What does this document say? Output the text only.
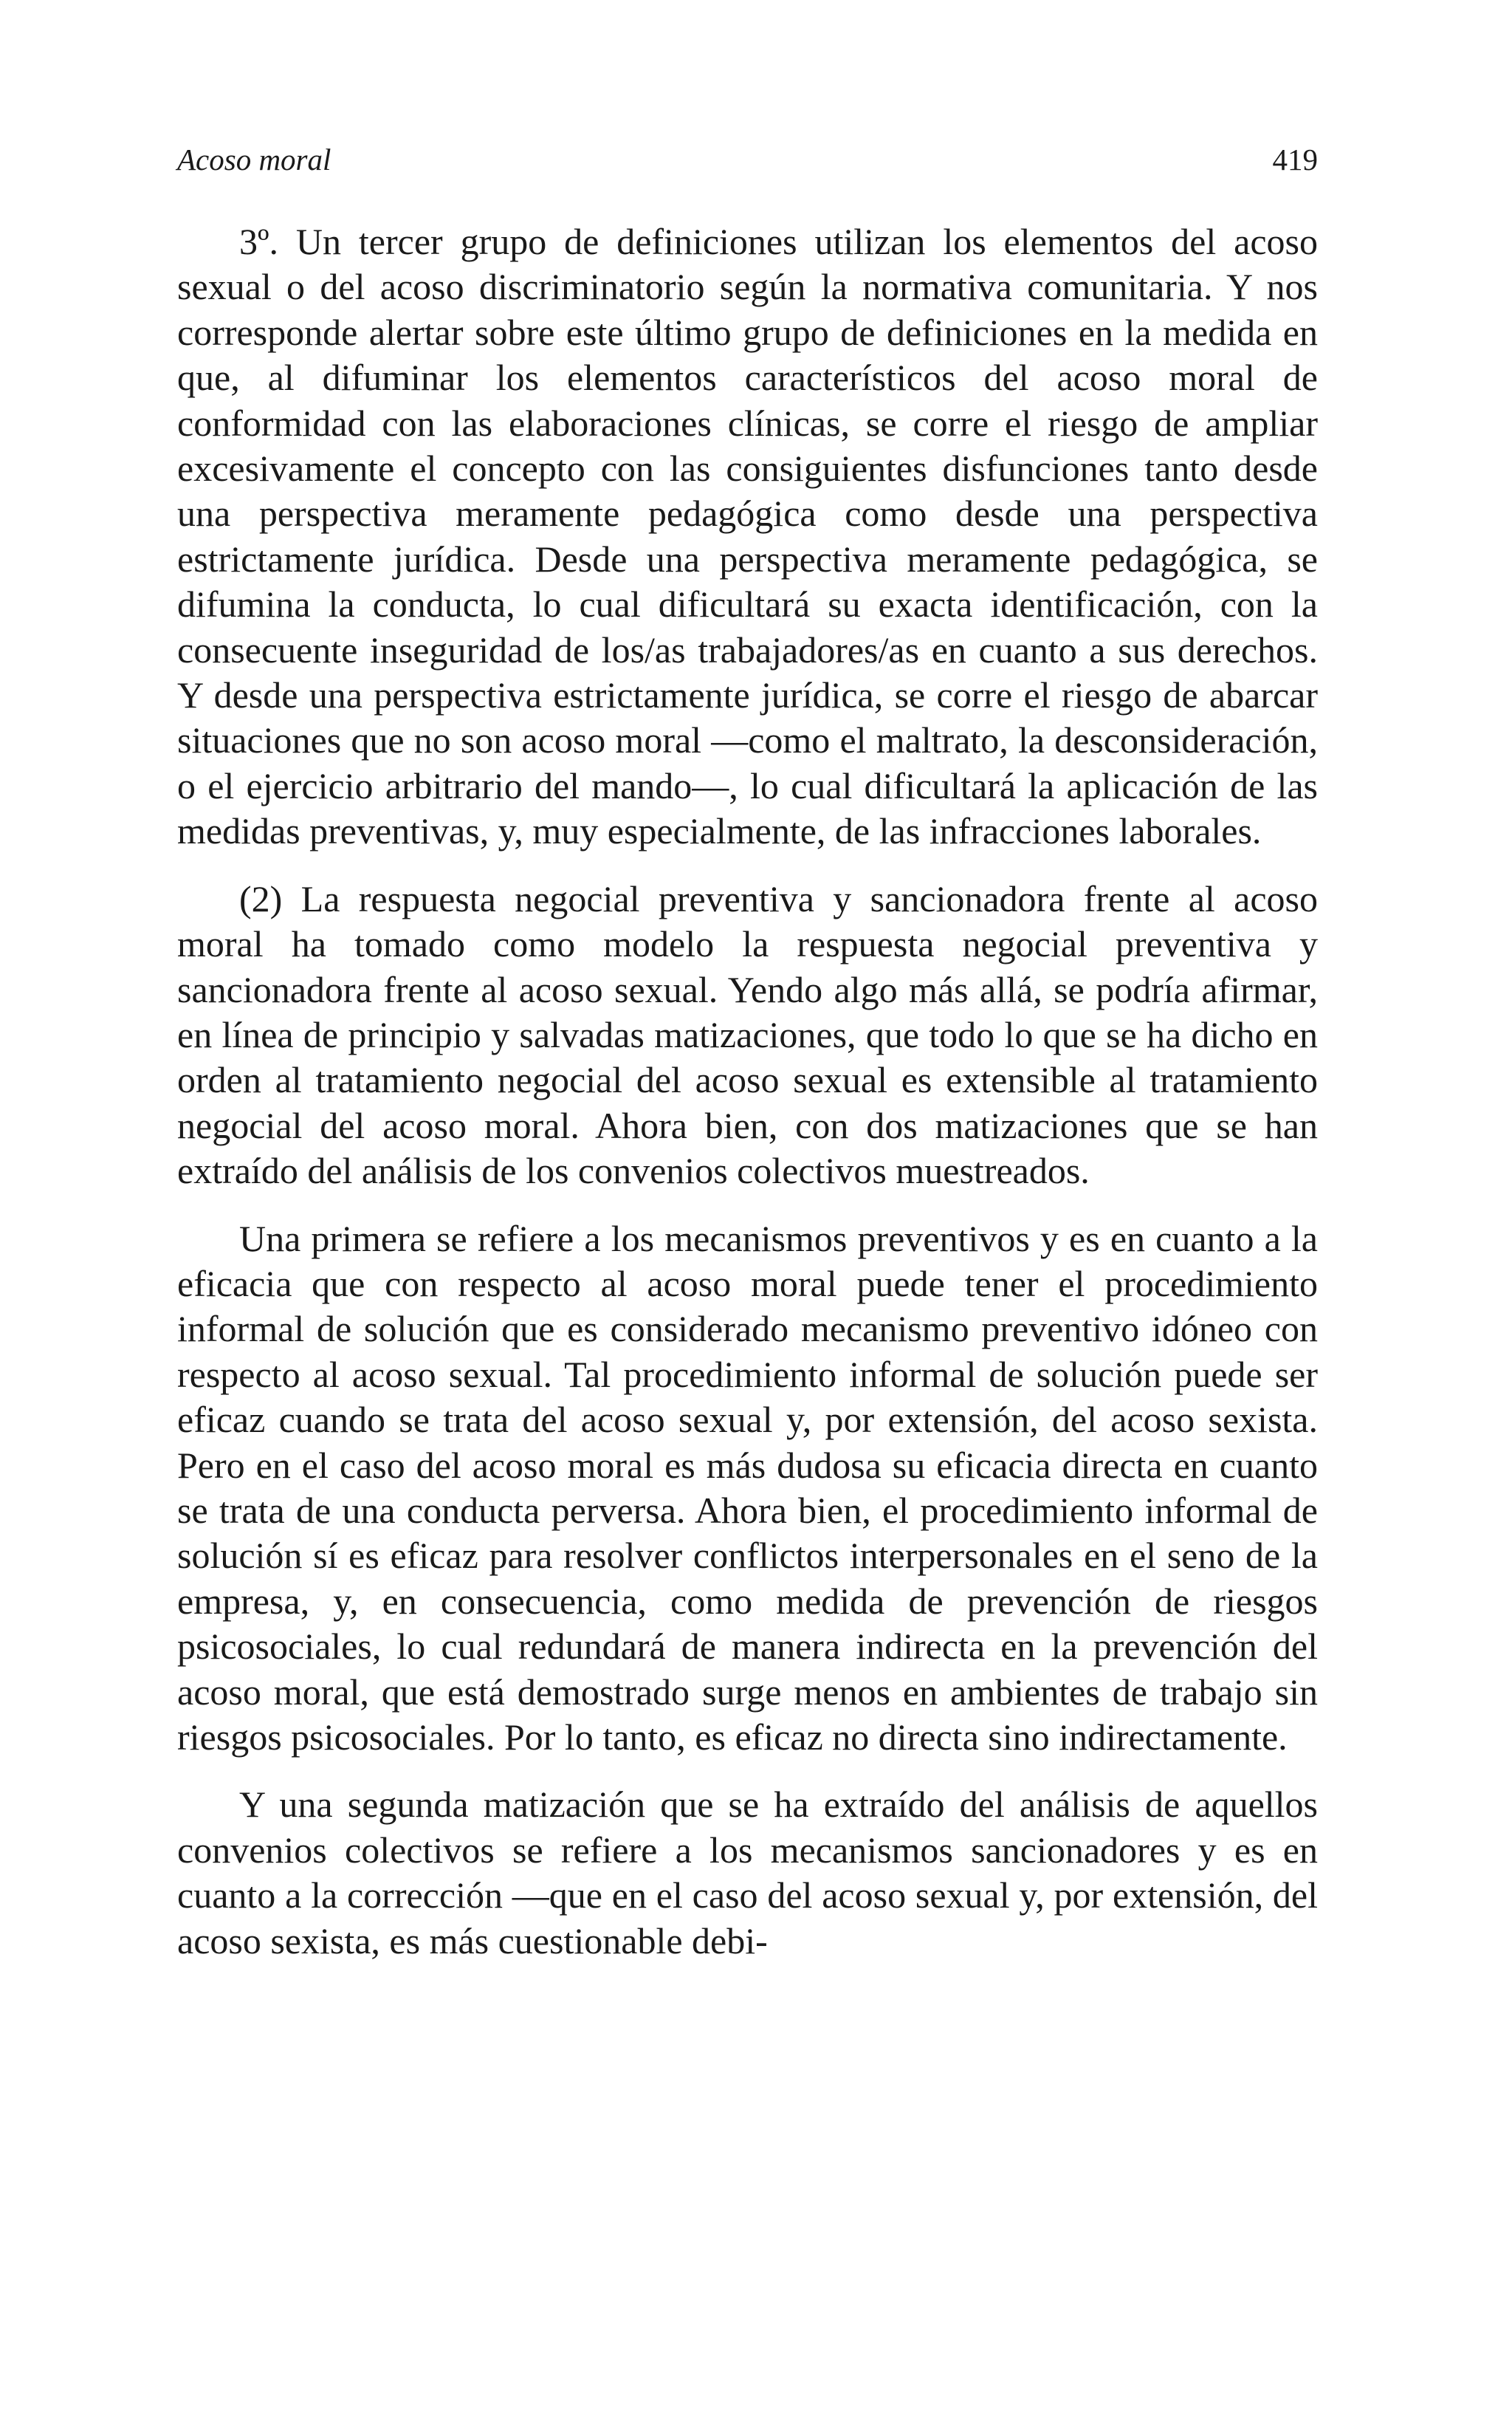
Acoso moral	419

3º. Un tercer grupo de definiciones utilizan los elementos del acoso sexual o del acoso discriminatorio según la normativa comunitaria. Y nos corresponde alertar sobre este último grupo de definiciones en la medida en que, al difuminar los elementos característicos del acoso moral de conformidad con las elaboraciones clínicas, se corre el riesgo de ampliar excesivamente el concepto con las consiguientes disfunciones tanto desde una perspectiva meramente pedagógica como desde una perspectiva estrictamente jurídica. Desde una perspectiva meramente pedagógica, se difumina la conducta, lo cual dificultará su exacta identificación, con la consecuente inseguridad de los/as trabajadores/as en cuanto a sus derechos. Y desde una perspectiva estrictamente jurídica, se corre el riesgo de abarcar situaciones que no son acoso moral —como el maltrato, la desconsideración, o el ejercicio arbitrario del mando—, lo cual dificultará la aplicación de las medidas preventivas, y, muy especialmente, de las infracciones laborales.

(2) La respuesta negocial preventiva y sancionadora frente al acoso moral ha tomado como modelo la respuesta negocial preventiva y sancionadora frente al acoso sexual. Yendo algo más allá, se podría afirmar, en línea de principio y salvadas matizaciones, que todo lo que se ha dicho en orden al tratamiento negocial del acoso sexual es extensible al tratamiento negocial del acoso moral. Ahora bien, con dos matizaciones que se han extraído del análisis de los convenios colectivos muestreados.

Una primera se refiere a los mecanismos preventivos y es en cuanto a la eficacia que con respecto al acoso moral puede tener el procedimiento informal de solución que es considerado mecanismo preventivo idóneo con respecto al acoso sexual. Tal procedimiento informal de solución puede ser eficaz cuando se trata del acoso sexual y, por extensión, del acoso sexista. Pero en el caso del acoso moral es más dudosa su eficacia directa en cuanto se trata de una conducta perversa. Ahora bien, el procedimiento informal de solución sí es eficaz para resolver conflictos interpersonales en el seno de la empresa, y, en consecuencia, como medida de prevención de riesgos psicosociales, lo cual redundará de manera indirecta en la prevención del acoso moral, que está demostrado surge menos en ambientes de trabajo sin riesgos psicosociales. Por lo tanto, es eficaz no directa sino indirectamente.

Y una segunda matización que se ha extraído del análisis de aquellos convenios colectivos se refiere a los mecanismos sancionadores y es en cuanto a la corrección —que en el caso del acoso sexual y, por extensión, del acoso sexista, es más cuestionable debi-
